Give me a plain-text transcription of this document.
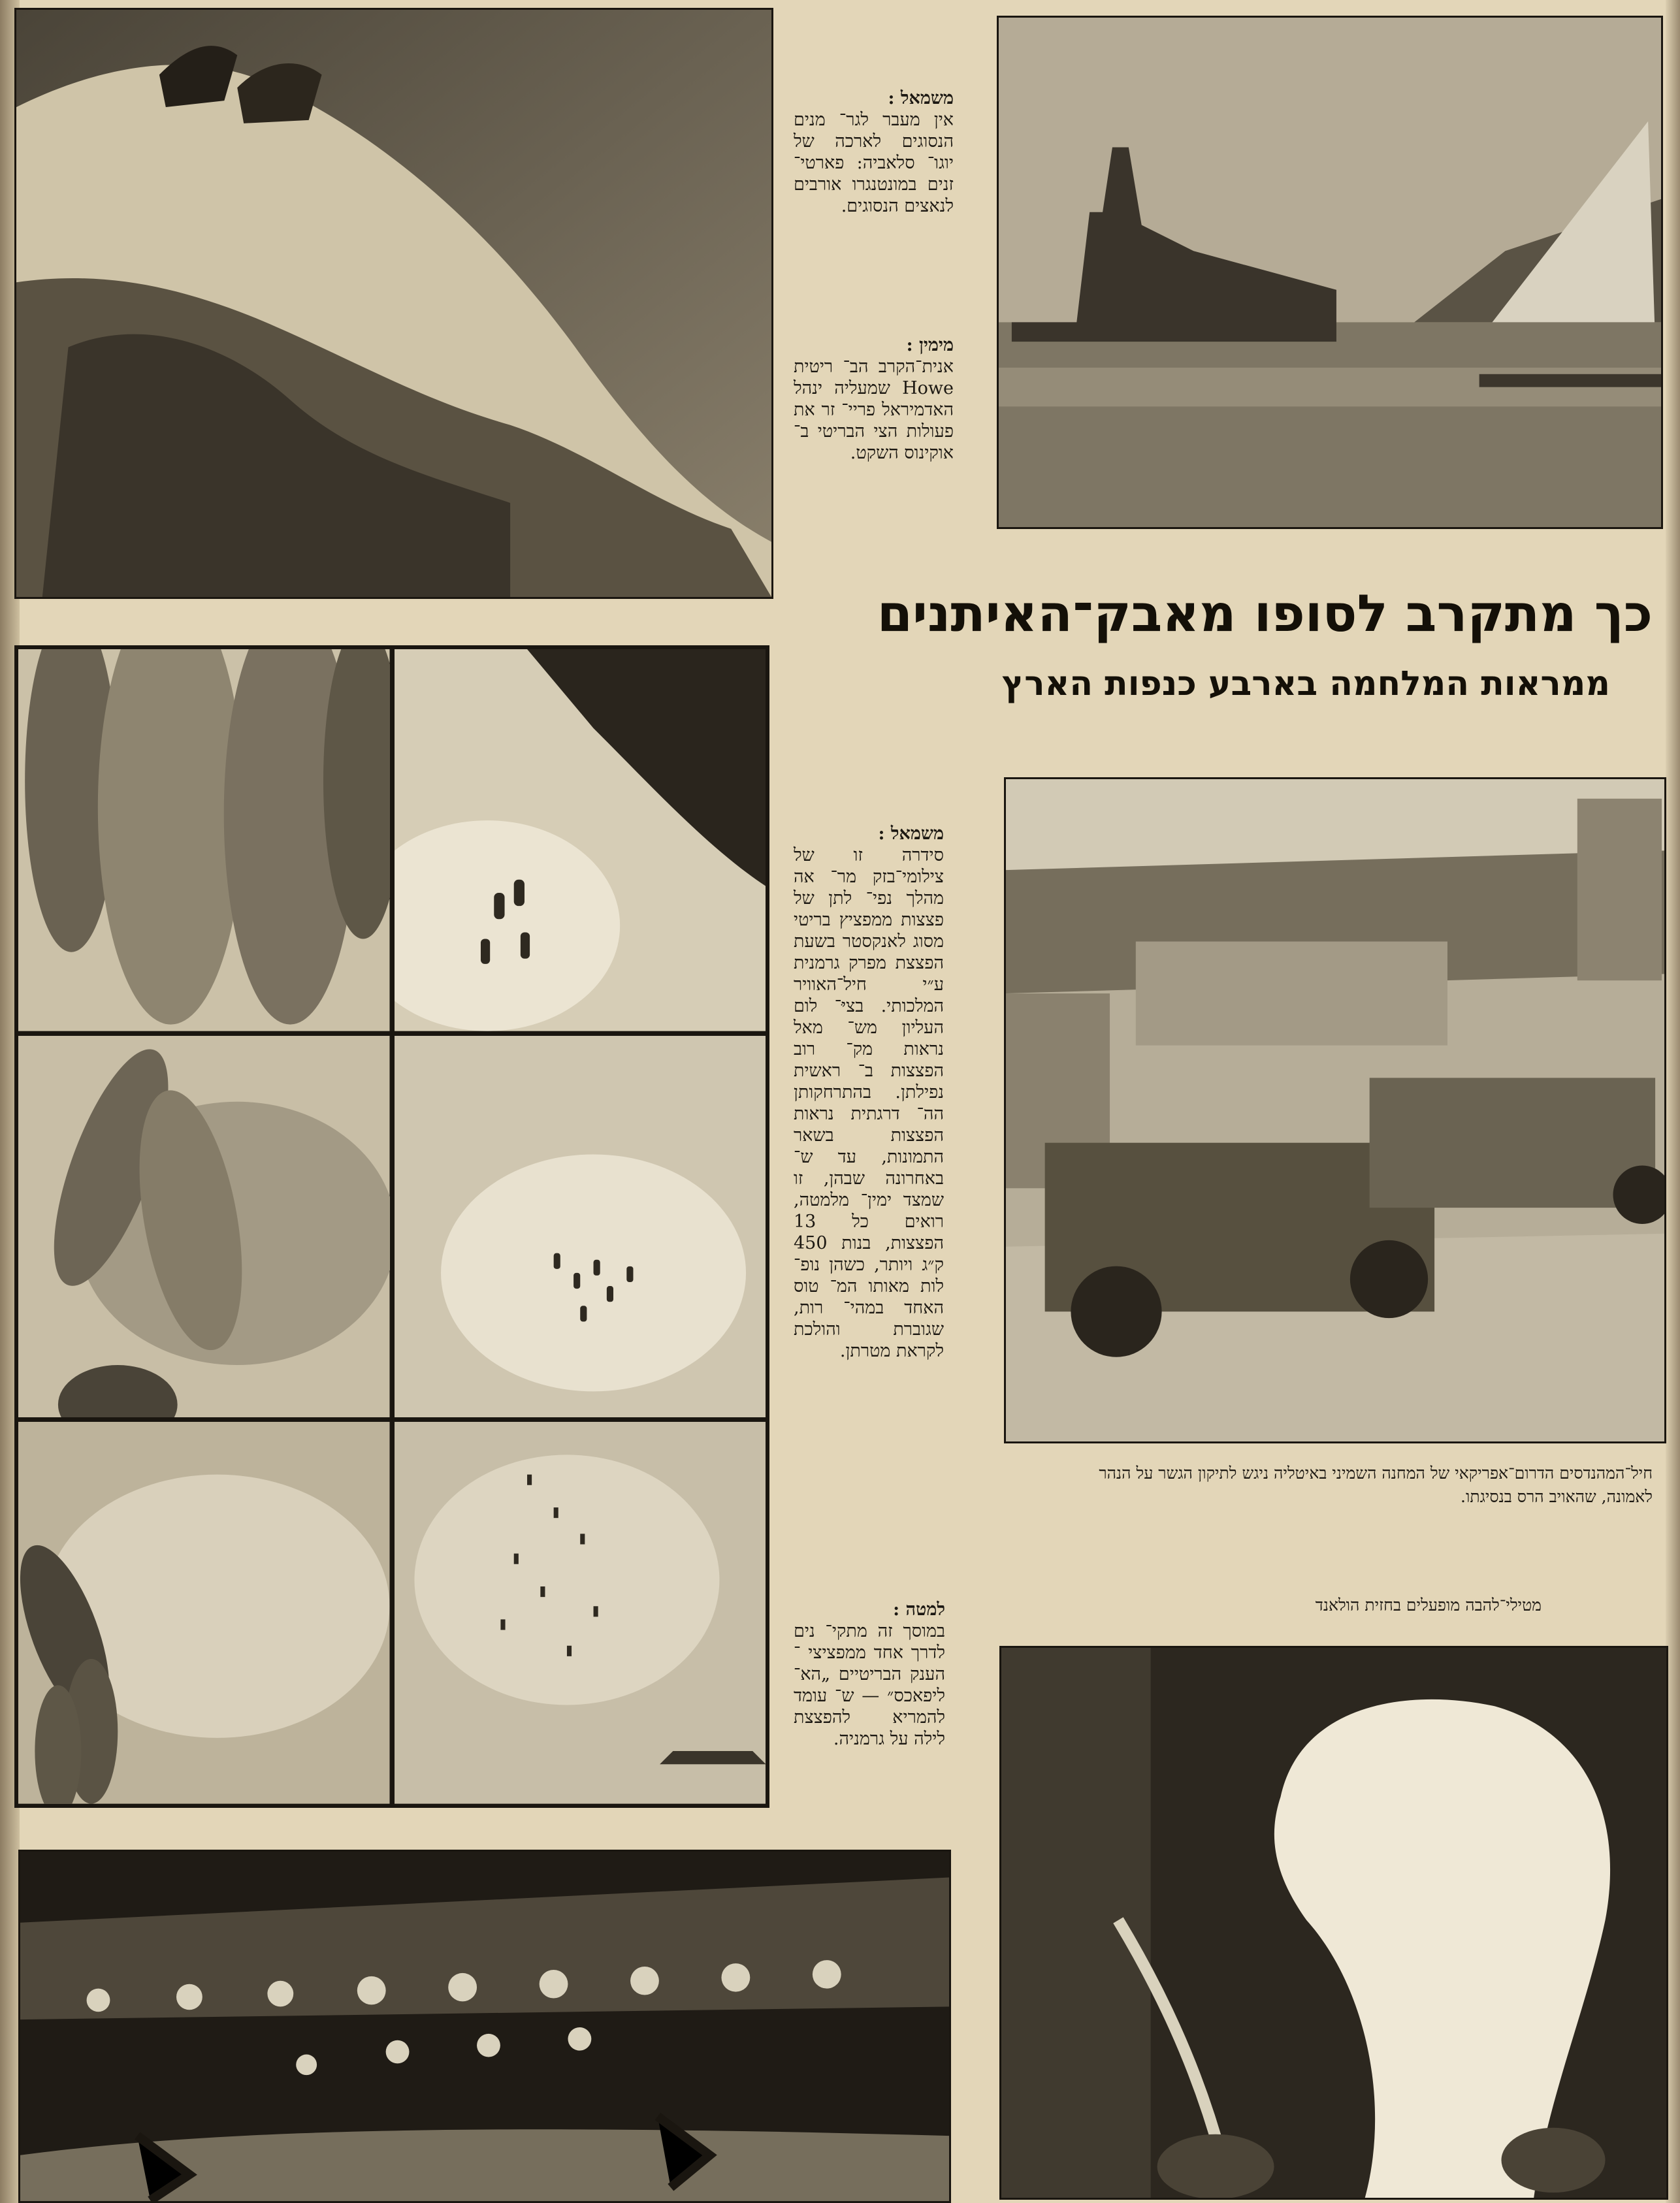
משמאל :
אין מעבר לגר־ מנים הנסוגים לארכה של יוגו־ סלאביה: פארטי־ זנים במונטנגרו אורבים לנאצים הנסוגים.
מימין :
אנית־הקרב הב־ ריטית Howe שמעליה ינהל האדמיראל פריי־ זר את פעולות הצי הבריטי ב־ אוקינוס השקט.
כך מתקרב לסופו מאבק־האיתנים
ממראות המלחמה בארבע כנפות הארץ
משמאל :
סידרה זו של צילומי־בזק מר־ אה מהלך נפי־ לתן של פצצות ממפציץ בריטי מסוג לאנקסטר בשעת הפצצת מפרק גרמנית ע״י חיל־האוויר המלכותי. בציּ־ לום העליון מש־ מאל נראות מק־ רוב הפצצות ב־ ראשית נפילתן. בהתרחקותן הה־ דרגתית נראות הפצצות בשאר התמונות, עד ש־ באחרונה שבהן, זו שמצד ימין־ מלמטה, רואים כל 13 הפצצות, בנות 450 ק״ג ויותר, כשהן נופ־ לות מאותו המ־ טוס האחד במהי־ רות, שגוברת והולכת לקראת מטרתן.
חיל־המהנדסים הדרום־אפריקאי של המחנה השמיני באיטליה ניגש לתיקון הגשר על הנהר לאמונה, שהאויב הרס בנסיגתו.
למטה :
במוסך זה מתקי־ נים לדרך אחד ממפציצי ־ הענק הבריטיים „הא־ ליפאכס״ — ש־ עומד להמריא להפצצת לילה על גרמניה.
מטילי־להבה מופעלים בחזית הולאנד
